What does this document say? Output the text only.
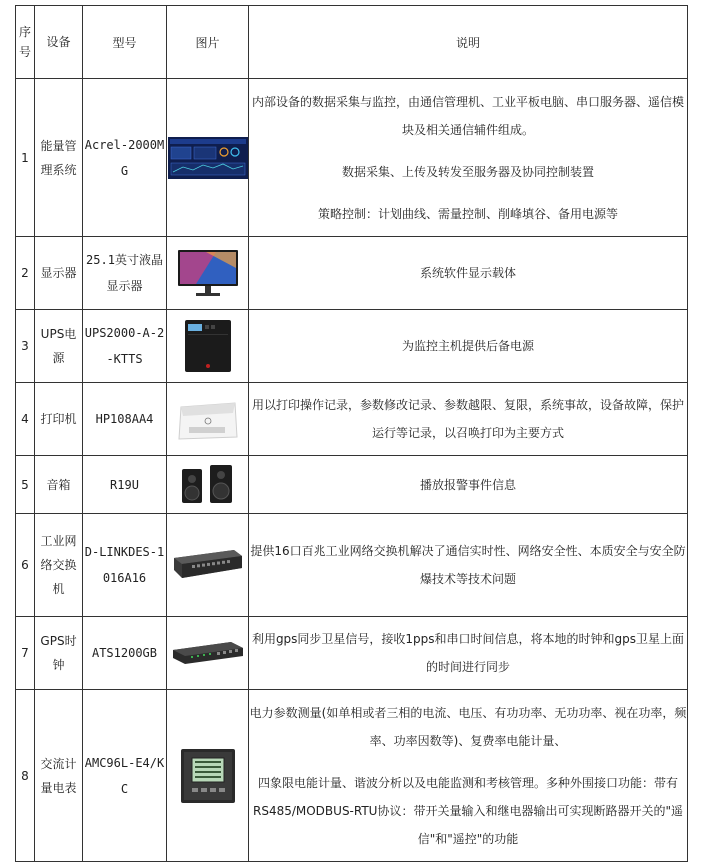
序号	设备	型号	图片	说明
1	能量管理系统	Acrel-2000MG		内部设备的数据采集与监控，由通信管理机、工业平板电脑、串口服务器、遥信模块及相关通信辅件组成。

数据采集、上传及转发至服务器及协同控制装置

策略控制：计划曲线、需量控制、削峰填谷、备用电源等

2	显示器	25.1英寸液晶显示器		系统软件显示载体

3	UPS电源	UPS2000-A-2-KTTS		为监控主机提供后备电源

4	打印机	HP108AA4		用以打印操作记录，参数修改记录、参数越限、复限，系统事故，设备故障，保护运行等记录，以召唤打印为主要方式

5	音箱	R19U		播放报警事件信息

6	工业网络交换机	D-LINKDES-1016A16		提供16口百兆工业网络交换机解决了通信实时性、网络安全性、本质安全与安全防爆技术等技术问题

7	GPS时钟	ATS1200GB		利用gps同步卫星信号，接收1pps和串口时间信息，将本地的时钟和gps卫星上面的时间进行同步

8	交流计量电表	AMC96L-E4/KC		电力参数测量(如单相或者三相的电流、电压、有功功率、无功功率、视在功率，频率、功率因数等)、复费率电能计量、

四象限电能计量、谐波分析以及电能监测和考核管理。多种外围接口功能：带有RS485/MODBUS-RTU协议：带开关量输入和继电器输出可实现断路器开关的"遥信"和"遥控"的功能
